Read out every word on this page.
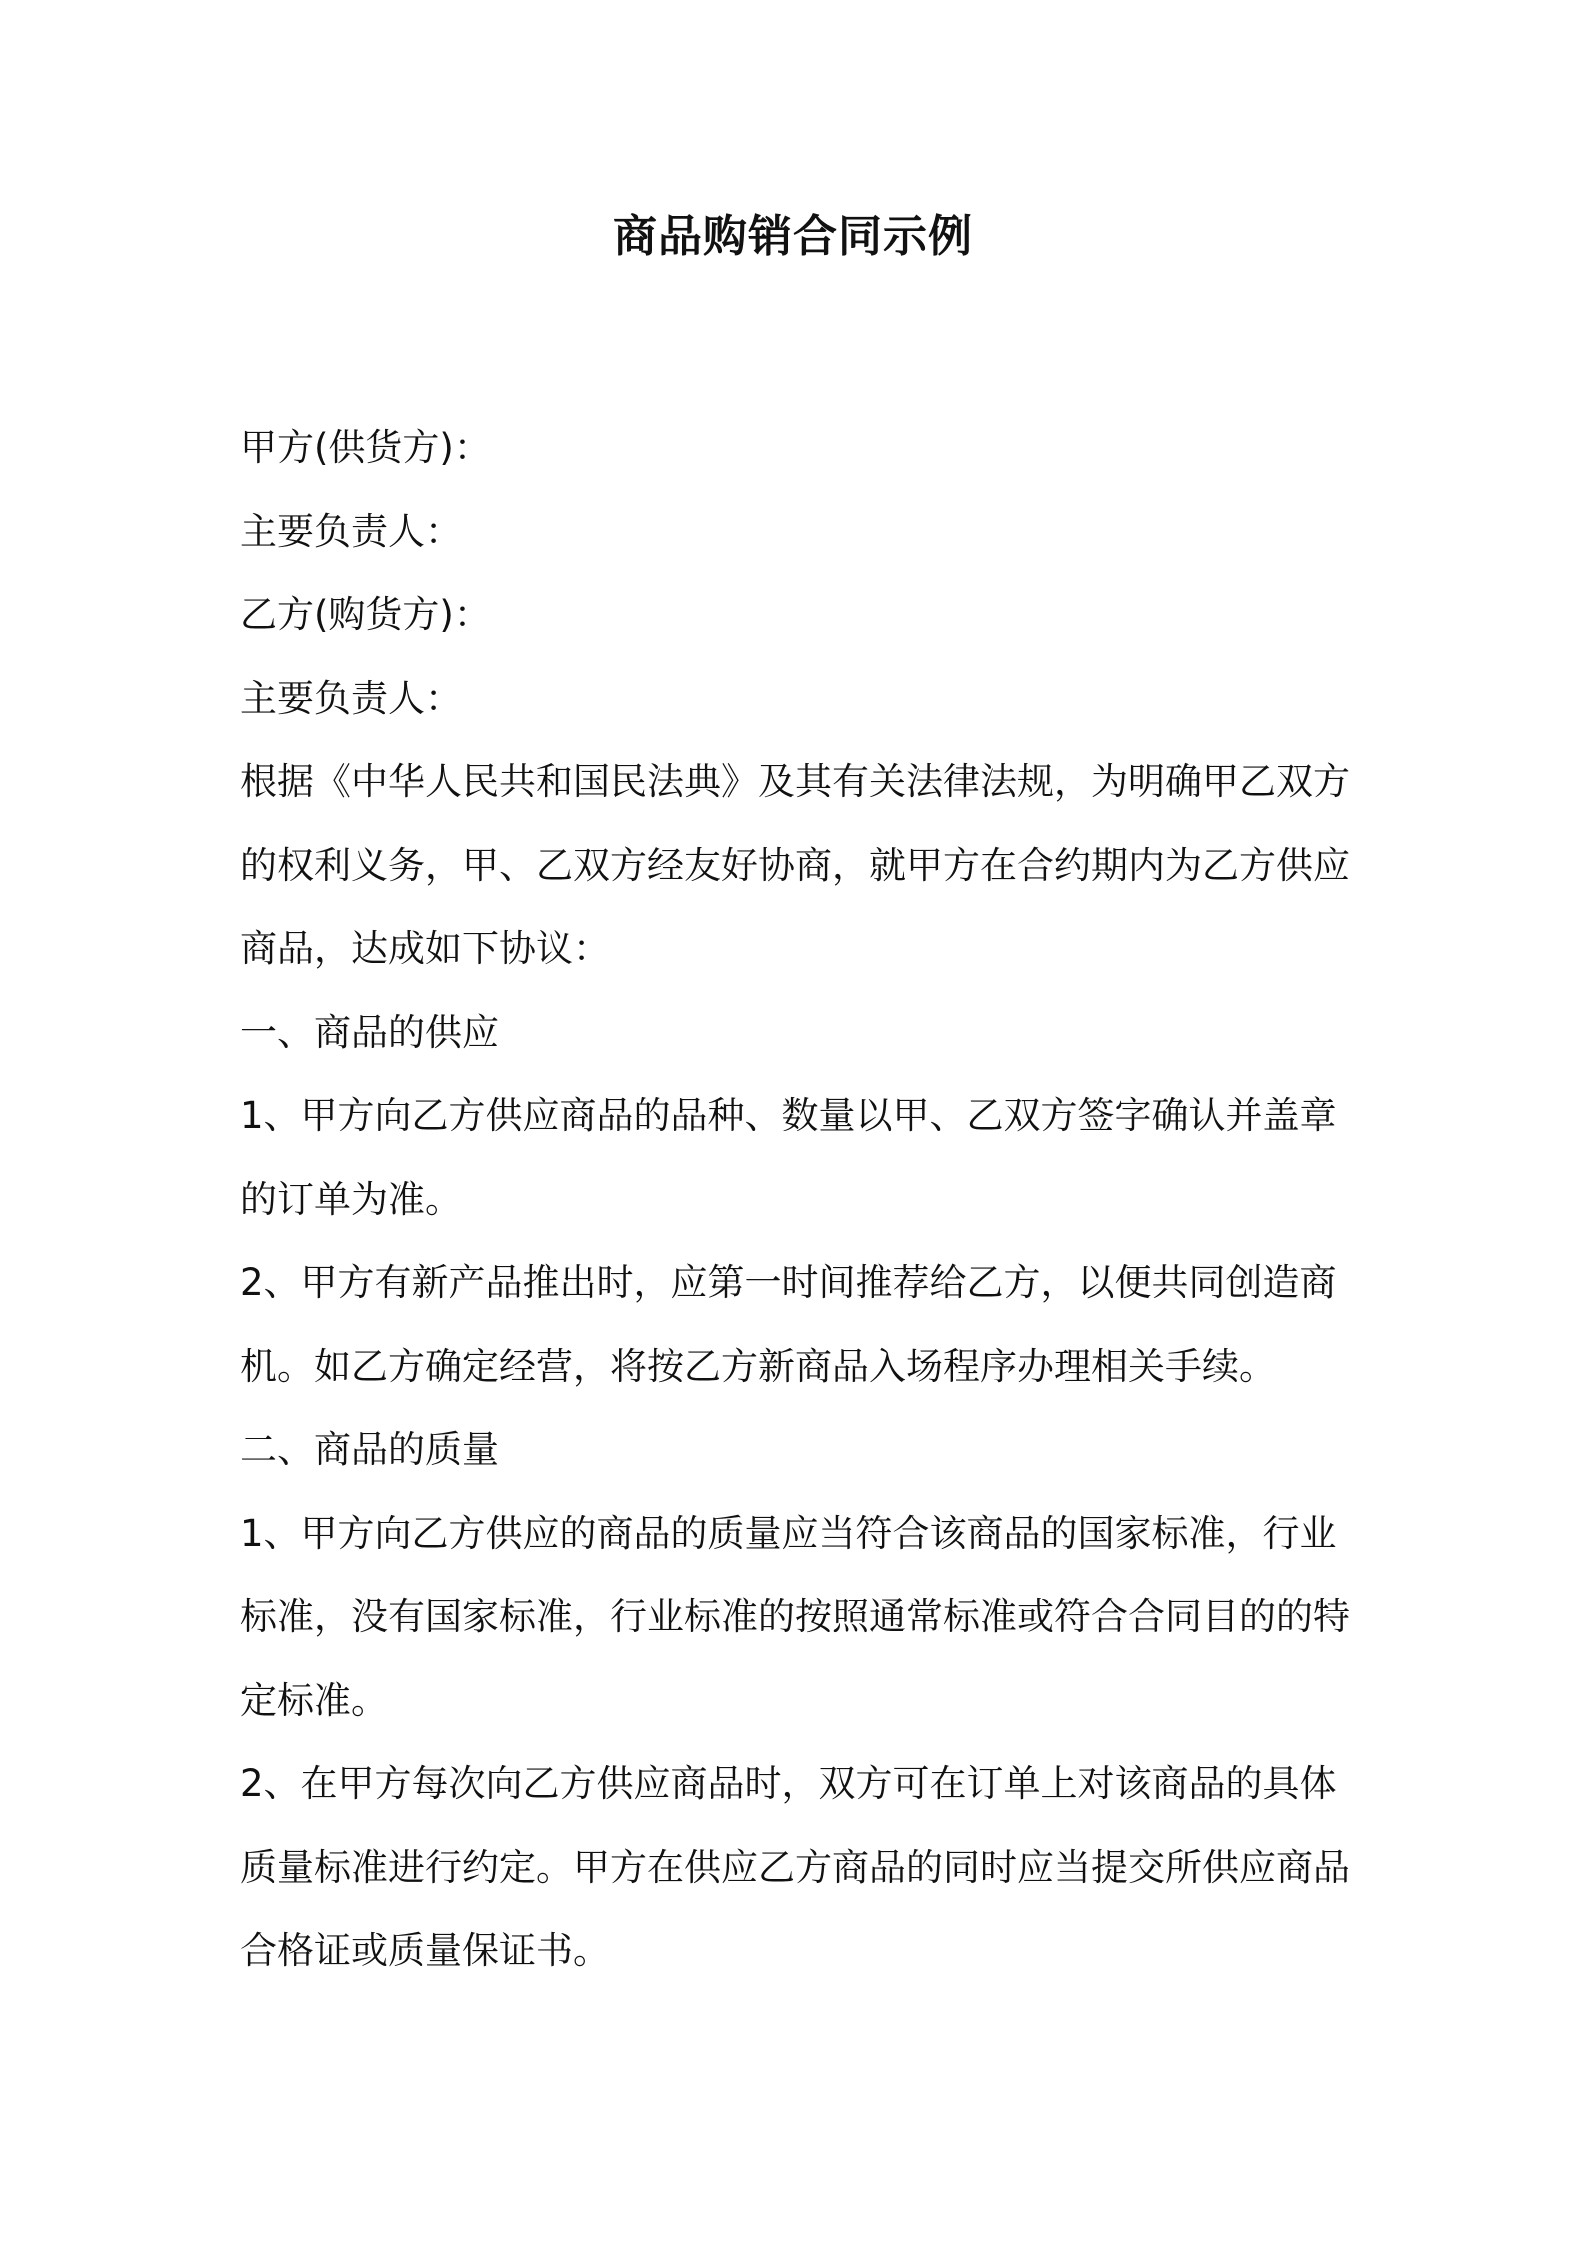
商品购销合同示例
甲方(供货方)：
主要负责人：
乙方(购货方)：
主要负责人：
根据《中华人民共和国民法典》及其有关法律法规，为明确甲乙双方
的权利义务，甲、乙双方经友好协商，就甲方在合约期内为乙方供应
商品，达成如下协议：
一、商品的供应
1、甲方向乙方供应商品的品种、数量以甲、乙双方签字确认并盖章
的订单为准。
2、甲方有新产品推出时，应第一时间推荐给乙方，以便共同创造商
机。如乙方确定经营，将按乙方新商品入场程序办理相关手续。
二、商品的质量
1、甲方向乙方供应的商品的质量应当符合该商品的国家标准，行业
标准，没有国家标准，行业标准的按照通常标准或符合合同目的的特
定标准。
2、在甲方每次向乙方供应商品时，双方可在订单上对该商品的具体
质量标准进行约定。甲方在供应乙方商品的同时应当提交所供应商品
合格证或质量保证书。
